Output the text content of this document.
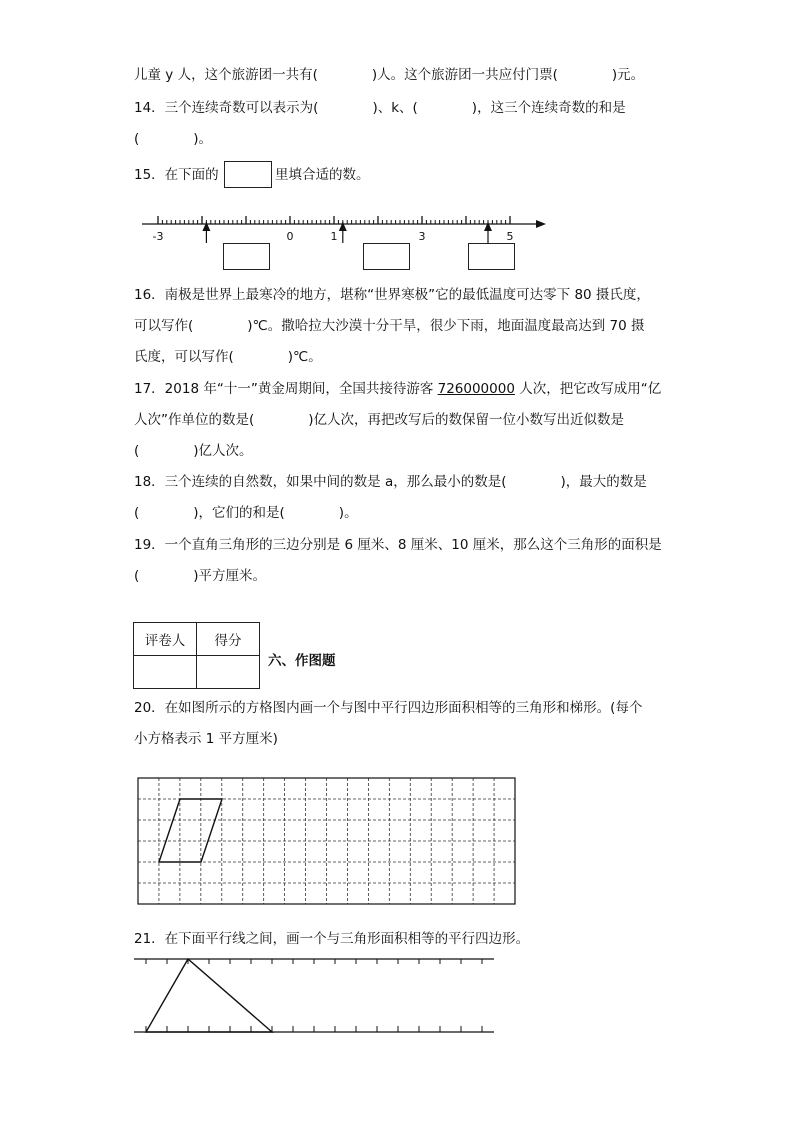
儿童 y 人，这个旅游团一共有(　　　　)人。这个旅游团一共应付门票(　　　　)元。
14．三个连续奇数可以表示为(　　　　)、k、(　　　　)，这三个连续奇数的和是
(　　　　)。
15．在下面的	里填合适的数。
-3	0	1	3	5
16．南极是世界上最寒冷的地方，堪称“世界寒极”它的最低温度可达零下 80 摄氏度，
可以写作(　　　　)℃。撒哈拉大沙漠十分干旱，很少下雨，地面温度最高达到 70 摄
氏度，可以写作(　　　　)℃。
17．2018 年“十一”黄金周期间，全国共接待游客 726000000 人次，把它改写成用“亿
人次”作单位的数是(　　　　)亿人次，再把改写后的数保留一位小数写出近似数是
(　　　　)亿人次。
18．三个连续的自然数，如果中间的数是 a，那么最小的数是(　　　　)，最大的数是
(　　　　)，它们的和是(　　　　)。
19．一个直角三角形的三边分别是 6 厘米、8 厘米、10 厘米，那么这个三角形的面积是
(　　　　)平方厘米。
评卷人	得分

六、作图题
20．在如图所示的方格图内画一个与图中平行四边形面积相等的三角形和梯形。(每个
小方格表示 1 平方厘米)
21．在下面平行线之间，画一个与三角形面积相等的平行四边形。
